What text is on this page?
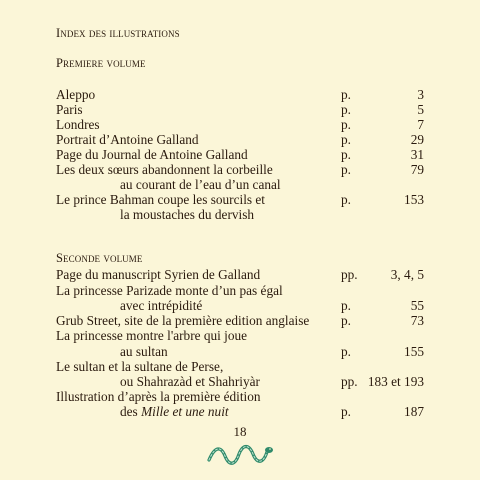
Index des illustrations
Premiere volume
Aleppo	p.	3
Paris	p.	5
Londres	p.	7
Portrait d’Antoine Galland	p.	29
Page du Journal de Antoine Galland	p.	31
Les deux sœurs abandonnent la corbeille	p.	79
au courant de l’eau d’un canal
Le prince Bahman coupe les sourcils et	p.	153
la moustaches du dervish
Seconde volume
Page du manuscript Syrien de Galland	pp. 3, 4, 5
La princesse Parizade monte d’un pas égal
avec intrépidité	p.	55
Grub Street, site de la première edition anglaise p.	73
La princesse montre l'arbre qui joue
au sultan	p.	155
Le sultan et la sultane de Perse,
ou Shahrazàd et Shahriyàr	pp. 183 et 193
Illustration d’après la première édition
des Mille et une nuit	p.	187
18
